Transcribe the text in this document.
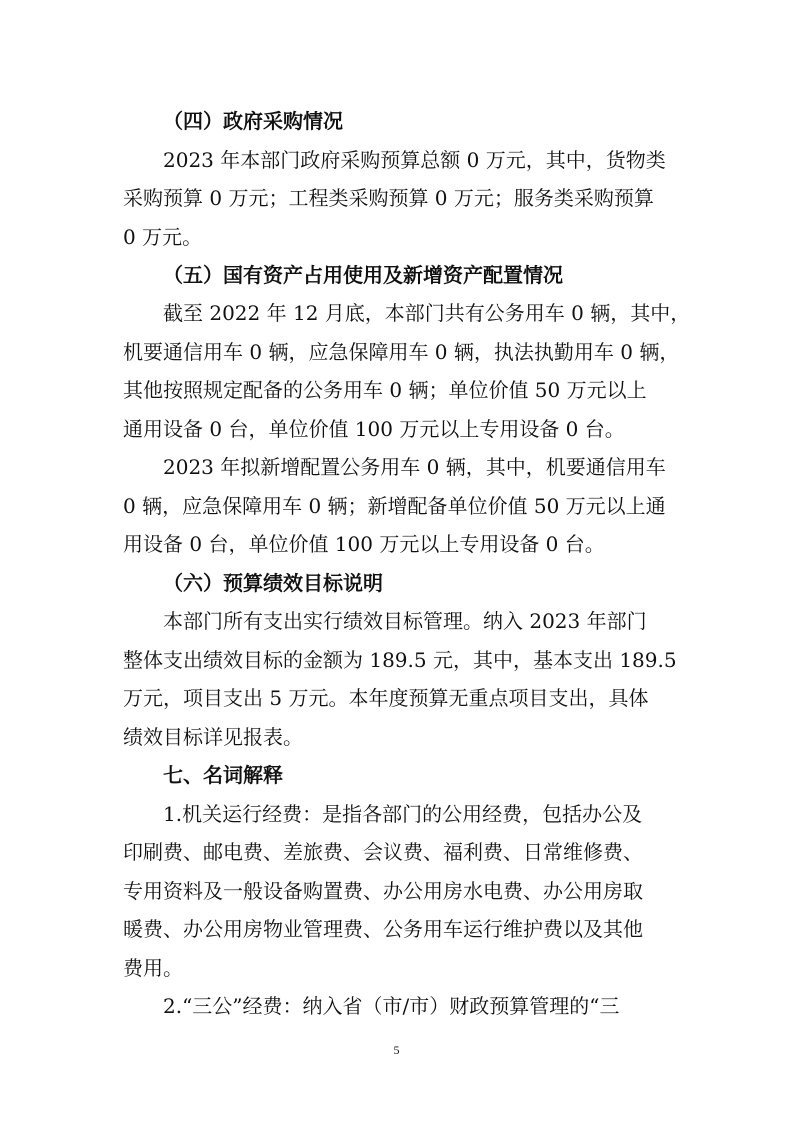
（四）政府采购情况
2023 年本部门政府采购预算总额 0 万元，其中，货物类
采购预算 0 万元；工程类采购预算 0 万元；服务类采购预算
0 万元。
（五）国有资产占用使用及新增资产配置情况
截至 2022 年 12 月底，本部门共有公务用车 0 辆，其中，
机要通信用车 0 辆，应急保障用车 0 辆，执法执勤用车 0 辆，
其他按照规定配备的公务用车 0 辆；单位价值 50 万元以上
通用设备 0 台，单位价值 100 万元以上专用设备 0 台。
2023 年拟新增配置公务用车 0 辆，其中，机要通信用车
0 辆，应急保障用车 0 辆；新增配备单位价值 50 万元以上通
用设备 0 台，单位价值 100 万元以上专用设备 0 台。
（六）预算绩效目标说明
本部门所有支出实行绩效目标管理。纳入 2023 年部门
整体支出绩效目标的金额为 189.5 元，其中，基本支出 189.5
万元，项目支出 5 万元。本年度预算无重点项目支出，具体
绩效目标详见报表。
七、名词解释
1.机关运行经费：是指各部门的公用经费，包括办公及
印刷费、邮电费、差旅费、会议费、福利费、日常维修费、
专用资料及一般设备购置费、办公用房水电费、办公用房取
暖费、办公用房物业管理费、公务用车运行维护费以及其他
费用。
2.“三公”经费：纳入省（市/市）财政预算管理的“三
5
